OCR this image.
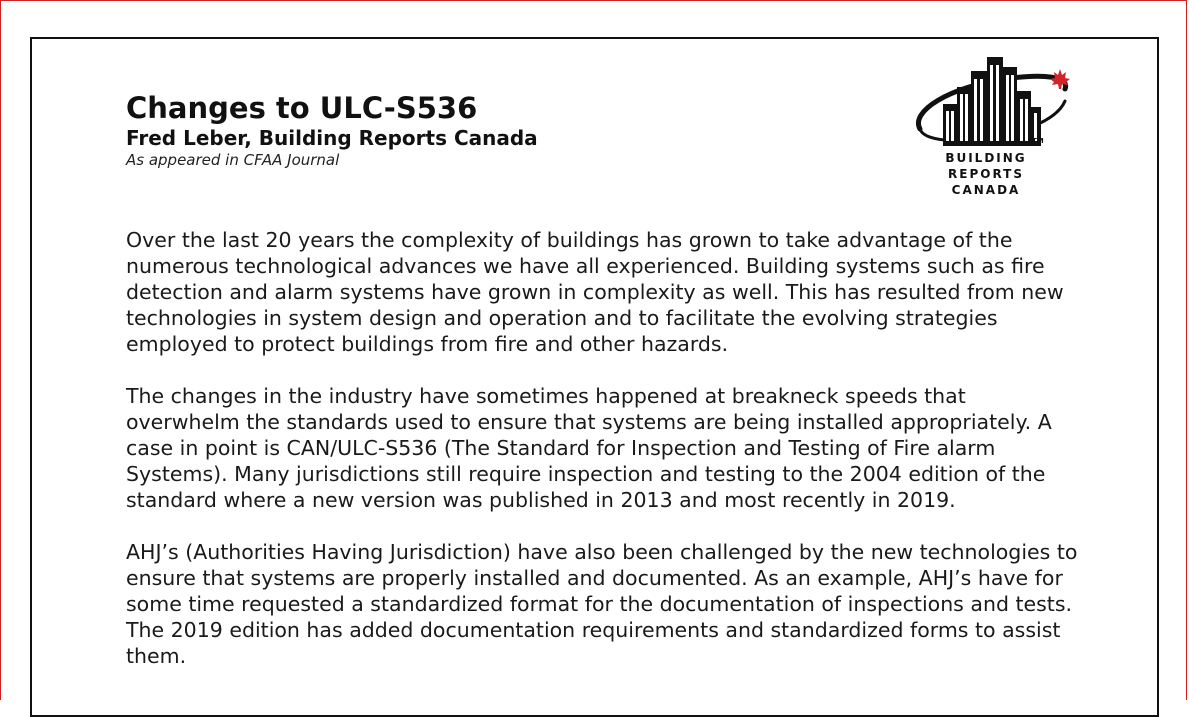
Changes to ULC-S536

Fred Leber, Building Reports Canada

As appeared in CFAA Journal

TM
BUILDING
REPORTS
CANADA

Over the last 20 years the complexity of buildings has grown to take advantage of the numerous technological advances we have all experienced. Building systems such as fire detection and alarm systems have grown in complexity as well. This has resulted from new technologies in system design and operation and to facilitate the evolving strategies employed to protect buildings from fire and other hazards.

The changes in the industry have sometimes happened at breakneck speeds that overwhelm the standards used to ensure that systems are being installed appropriately. A case in point is CAN/ULC-S536 (The Standard for Inspection and Testing of Fire alarm Systems). Many jurisdictions still require inspection and testing to the 2004 edition of the standard where a new version was published in 2013 and most recently in 2019.

AHJ’s (Authorities Having Jurisdiction) have also been challenged by the new technologies to ensure that systems are properly installed and documented. As an example, AHJ’s have for some time requested a standardized format for the documentation of inspections and tests. The 2019 edition has added documentation requirements and standardized forms to assist them.
